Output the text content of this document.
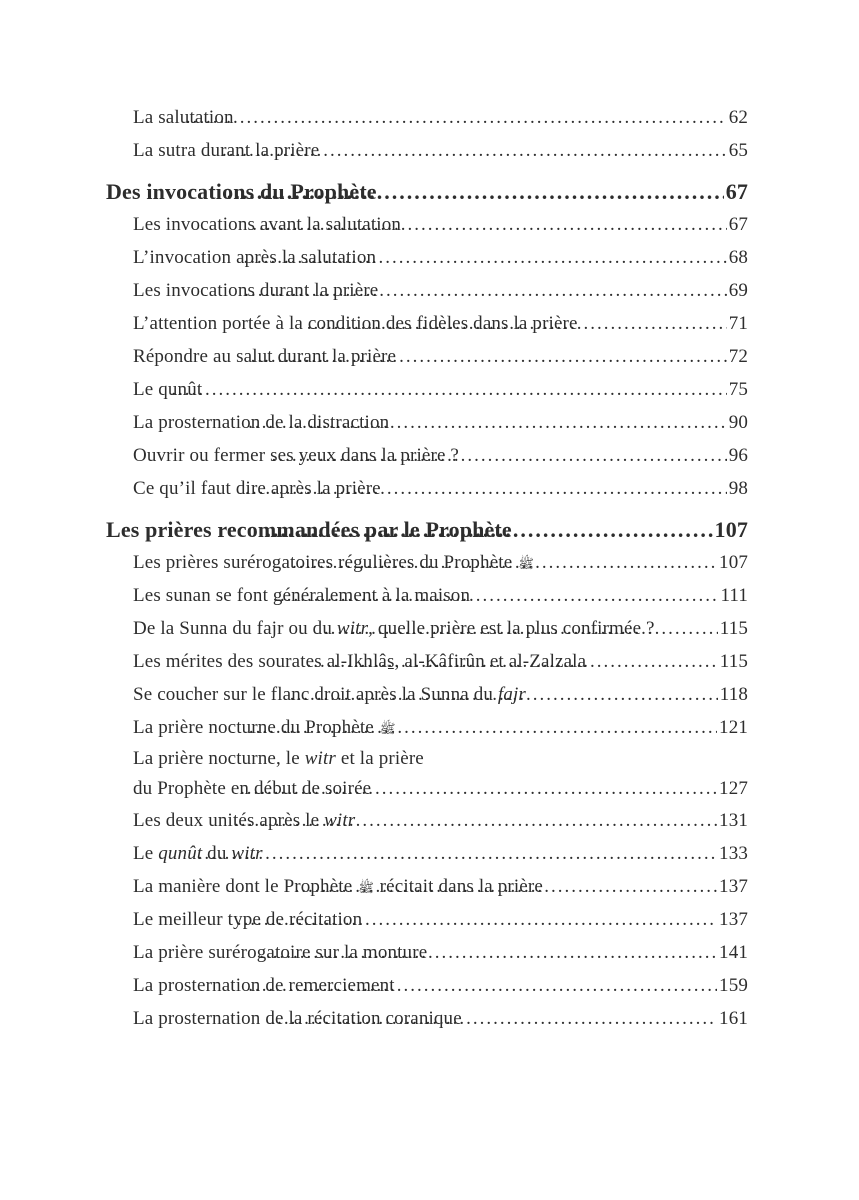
La salutation .....	62
La sutra durant la prière .....	65
Des invocations du Prophète .....	67
Les invocations avant la salutation .....	67
L’invocation après la salutation .....	68
Les invocations durant la prière .....	69
L’attention portée à la condition des fidèles dans la prière .....	71
Répondre au salut durant la prière .....	72
Le qunût .....	75
La prosternation de la distraction .....	90
Ouvrir ou fermer ses yeux dans la prière ? .....	96
Ce qu’il faut dire après la prière .....	98
Les prières recommandées par le Prophète .....	107
Les prières surérogatoires régulières du Prophète ﷺ .....	107
Les sunan se font généralement à la maison .....	111
De la Sunna du fajr ou du witr, quelle prière est la plus confirmée ? .....	115
Les mérites des sourates al-Ikhlâs̱, al-Kâfirûn et al-Zalzala .....	115
Se coucher sur le flanc droit après la Sunna du fajr .....	118
La prière nocturne du Prophète ﷺ .....	121
La prière nocturne, le witr et la prière
du Prophète en début de soirée .....	127
Les deux unités après le witr .....	131
Le qunût du witr .....	133
La manière dont le Prophète ﷺ récitait dans la prière .....	137
Le meilleur type de récitation .....	137
La prière surérogatoire sur la monture .....	141
La prosternation de remerciement .....	159
La prosternation de la récitation coranique .....	161
